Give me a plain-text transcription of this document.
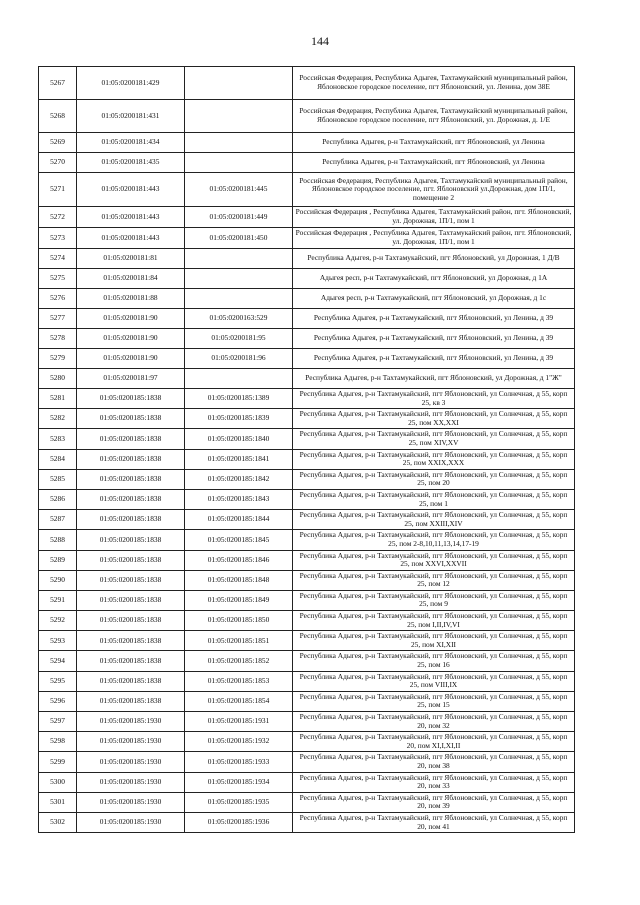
144
5267	01:05:0200181:429		Российская Федерация, Республика Адыгея, Тахтамукайский муниципальный район, Яблоновское городское поселение, пгт Яблоновский, ул. Ленина, дом 38Е
5268	01:05:0200181:431		Российская Федерация, Республика Адыгея, Тахтамукайский муниципальный район, Яблоновское городское поселение, пгт Яблоновский, ул. Дорожная, д. 1/Е
5269	01:05:0200181:434		Республика Адыгея, р-н Тахтамукайский, пгт Яблоновский, ул Ленина
5270	01:05:0200181:435		Республика Адыгея, р-н Тахтамукайский, пгт Яблоновский, ул Ленина
5271	01:05:0200181:443	01:05:0200181:445	Российская Федерация, Республика Адыгея, Тахтамукайский муниципальный район, Яблоновское городское поселение, пгт. Яблоновский ул.Дорожная, дом 1П/1, помещение 2
5272	01:05:0200181:443	01:05:0200181:449	Российская Федерация , Республика Адыгея, Тахтамукайский район, пгт. Яблоновский, ул. Дорожная, 1П/1, пом 1
5273	01:05:0200181:443	01:05:0200181:450	Российская Федерация , Республика Адыгея, Тахтамукайский район, пгт. Яблоновский, ул. Дорожная, 1П/1, пом 1
5274	01:05:0200181:81		Республика Адыгея, р-н Тахтамукайский, пгт Яблоновский, ул Дорожная, 1 Д/В
5275	01:05:0200181:84		Адыгея респ, р-н Тахтамукайский, пгт Яблоновский, ул Дорожная, д 1А
5276	01:05:0200181:88		Адыгея респ, р-н Тахтамукайский, пгт Яблоновский, ул Дорожная, д 1с
5277	01:05:0200181:90	01:05:0200163:529	Республика Адыгея, р-н Тахтамукайский, пгт Яблоновский, ул Ленина, д 39
5278	01:05:0200181:90	01:05:0200181:95	Республика Адыгея, р-н Тахтамукайский, пгт Яблоновский, ул Ленина, д 39
5279	01:05:0200181:90	01:05:0200181:96	Республика Адыгея, р-н Тахтамукайский, пгт Яблоновский, ул Ленина, д 39
5280	01:05:0200181:97		Республика Адыгея, р-н Тахтамукайский, пгт Яблоновский, ул Дорожная, д 1"Ж"
5281	01:05:0200185:1838	01:05:0200185:1389	Республика Адыгея, р-н Тахтамукайский, пгт Яблоновский, ул Солнечная, д 55, корп 25, кв 3
5282	01:05:0200185:1838	01:05:0200185:1839	Республика Адыгея, р-н Тахтамукайский, пгт Яблоновский, ул Солнечная, д 55, корп 25, пом XX,XXI
5283	01:05:0200185:1838	01:05:0200185:1840	Республика Адыгея, р-н Тахтамукайский, пгт Яблоновский, ул Солнечная, д 55, корп 25, пом XIV,XV
5284	01:05:0200185:1838	01:05:0200185:1841	Республика Адыгея, р-н Тахтамукайский, пгт Яблоновский, ул Солнечная, д 55, корп 25, пом XXIX,XXX
5285	01:05:0200185:1838	01:05:0200185:1842	Республика Адыгея, р-н Тахтамукайский, пгт Яблоновский, ул Солнечная, д 55, корп 25, пом 20
5286	01:05:0200185:1838	01:05:0200185:1843	Республика Адыгея, р-н Тахтамукайский, пгт Яблоновский, ул Солнечная, д 55, корп 25, пом 1
5287	01:05:0200185:1838	01:05:0200185:1844	Республика Адыгея, р-н Тахтамукайский, пгт Яблоновский, ул Солнечная, д 55, корп 25, пом XXIII,XIV
5288	01:05:0200185:1838	01:05:0200185:1845	Республика Адыгея, р-н Тахтамукайский, пгт Яблоновский, ул Солнечная, д 55, корп 25, пом 2-8,10,11,13,14,17-19
5289	01:05:0200185:1838	01:05:0200185:1846	Республика Адыгея, р-н Тахтамукайский, пгт Яблоновский, ул Солнечная, д 55, корп 25, пом XXVI,XXVII
5290	01:05:0200185:1838	01:05:0200185:1848	Республика Адыгея, р-н Тахтамукайский, пгт Яблоновский, ул Солнечная, д 55, корп 25, пом 12
5291	01:05:0200185:1838	01:05:0200185:1849	Республика Адыгея, р-н Тахтамукайский, пгт Яблоновский, ул Солнечная, д 55, корп 25, пом 9
5292	01:05:0200185:1838	01:05:0200185:1850	Республика Адыгея, р-н Тахтамукайский, пгт Яблоновский, ул Солнечная, д 55, корп 25, пом I,II,IV,VI
5293	01:05:0200185:1838	01:05:0200185:1851	Республика Адыгея, р-н Тахтамукайский, пгт Яблоновский, ул Солнечная, д 55, корп 25, пом XI,XII
5294	01:05:0200185:1838	01:05:0200185:1852	Республика Адыгея, р-н Тахтамукайский, пгт Яблоновский, ул Солнечная, д 55, корп 25, пом 16
5295	01:05:0200185:1838	01:05:0200185:1853	Республика Адыгея, р-н Тахтамукайский, пгт Яблоновский, ул Солнечная, д 55, корп 25, пом VIII,IX
5296	01:05:0200185:1838	01:05:0200185:1854	Республика Адыгея, р-н Тахтамукайский, пгт Яблоновский, ул Солнечная, д 55, корп 25, пом 15
5297	01:05:0200185:1930	01:05:0200185:1931	Республика Адыгея, р-н Тахтамукайский, пгт Яблоновский, ул Солнечная, д 55, корп 20, пом 32
5298	01:05:0200185:1930	01:05:0200185:1932	Республика Адыгея, р-н Тахтамукайский, пгт Яблоновский, ул Солнечная, д 55, корп 20, пом XI,I,XI,II
5299	01:05:0200185:1930	01:05:0200185:1933	Республика Адыгея, р-н Тахтамукайский, пгт Яблоновский, ул Солнечная, д 55, корп 20, пом 38
5300	01:05:0200185:1930	01:05:0200185:1934	Республика Адыгея, р-н Тахтамукайский, пгт Яблоновский, ул Солнечная, д 55, корп 20, пом 33
5301	01:05:0200185:1930	01:05:0200185:1935	Республика Адыгея, р-н Тахтамукайский, пгт Яблоновский, ул Солнечная, д 55, корп 20, пом 39
5302	01:05:0200185:1930	01:05:0200185:1936	Республика Адыгея, р-н Тахтамукайский, пгт Яблоновский, ул Солнечная, д 55, корп 20, пом 41
